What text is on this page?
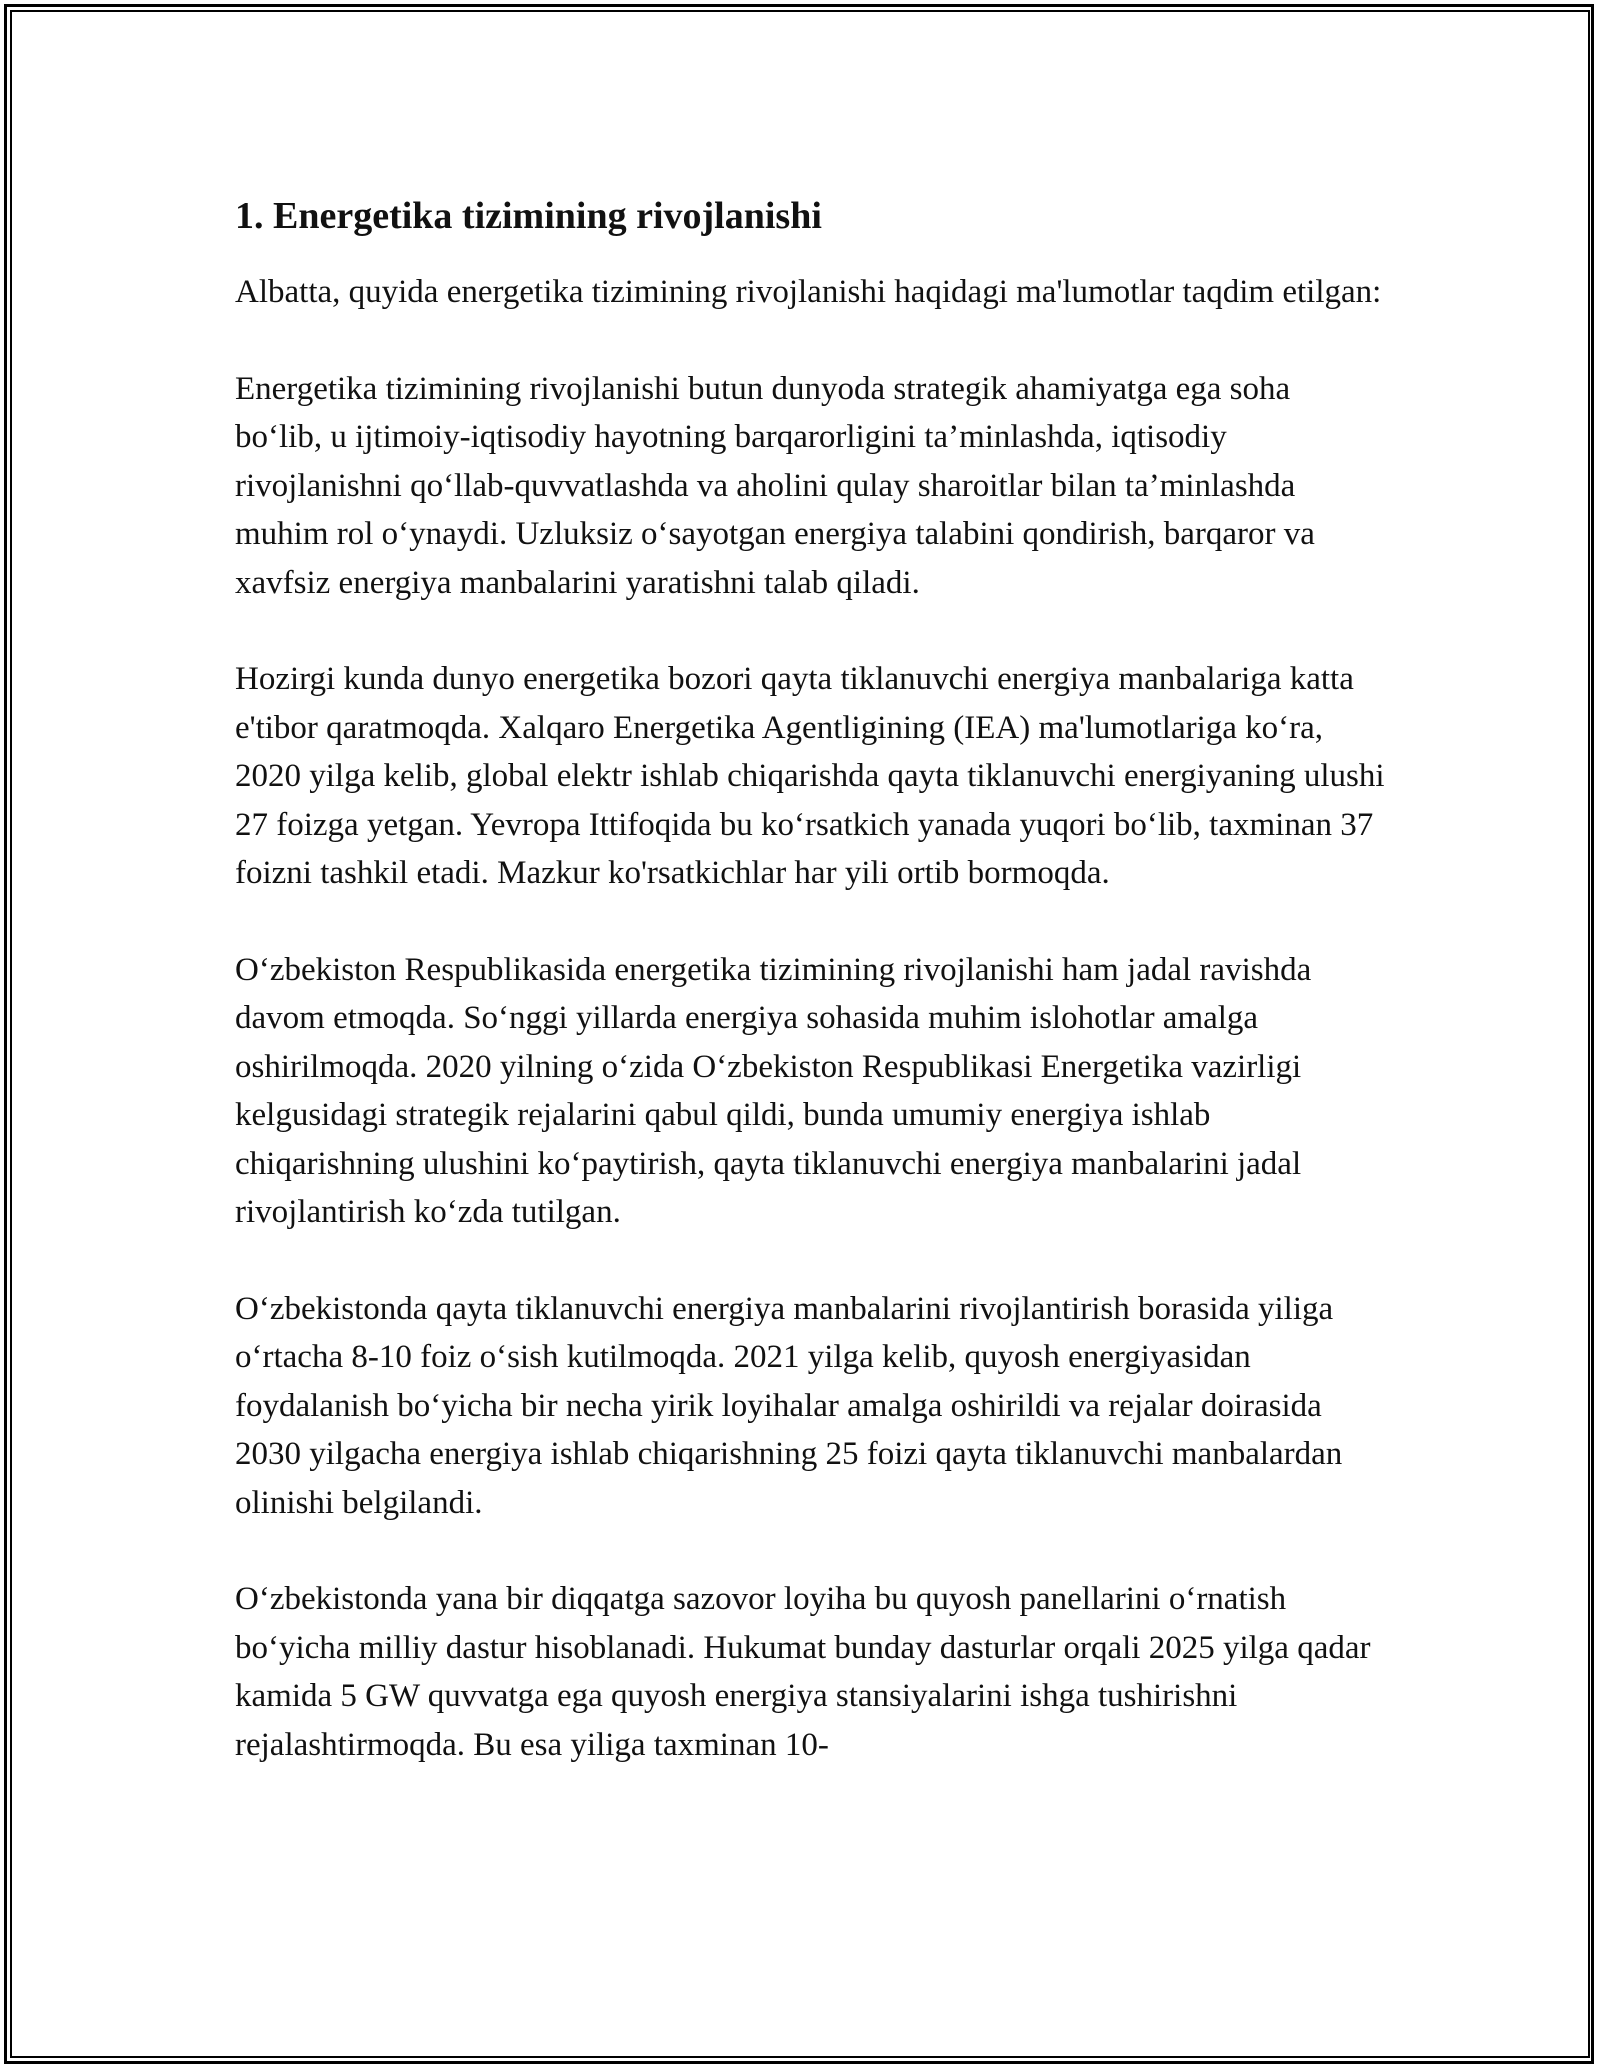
1. Energetika tizimining rivojlanishi

Albatta, quyida energetika tizimining rivojlanishi haqidagi ma'lumotlar taqdim etilgan:

Energetika tizimining rivojlanishi butun dunyoda strategik ahamiyatga ega soha bo‘lib, u ijtimoiy-iqtisodiy hayotning barqarorligini ta’minlashda, iqtisodiy rivojlanishni qo‘llab-quvvatlashda va aholini qulay sharoitlar bilan ta’minlashda muhim rol o‘ynaydi. Uzluksiz o‘sayotgan energiya talabini qondirish, barqaror va xavfsiz energiya manbalarini yaratishni talab qiladi.

Hozirgi kunda dunyo energetika bozori qayta tiklanuvchi energiya manbalariga katta e'tibor qaratmoqda. Xalqaro Energetika Agentligining (IEA) ma'lumotlariga ko‘ra, 2020 yilga kelib, global elektr ishlab chiqarishda qayta tiklanuvchi energiyaning ulushi 27 foizga yetgan. Yevropa Ittifoqida bu ko‘rsatkich yanada yuqori bo‘lib, taxminan 37 foizni tashkil etadi. Mazkur ko'rsatkichlar har yili ortib bormoqda.

O‘zbekiston Respublikasida energetika tizimining rivojlanishi ham jadal ravishda davom etmoqda. So‘nggi yillarda energiya sohasida muhim islohotlar amalga oshirilmoqda. 2020 yilning o‘zida O‘zbekiston Respublikasi Energetika vazirligi kelgusidagi strategik rejalarini qabul qildi, bunda umumiy energiya ishlab chiqarishning ulushini ko‘paytirish, qayta tiklanuvchi energiya manbalarini jadal rivojlantirish ko‘zda tutilgan.

O‘zbekistonda qayta tiklanuvchi energiya manbalarini rivojlantirish borasida yiliga o‘rtacha 8-10 foiz o‘sish kutilmoqda. 2021 yilga kelib, quyosh energiyasidan foydalanish bo‘yicha bir necha yirik loyihalar amalga oshirildi va rejalar doirasida 2030 yilgacha energiya ishlab chiqarishning 25 foizi qayta tiklanuvchi manbalardan olinishi belgilandi.

O‘zbekistonda yana bir diqqatga sazovor loyiha bu quyosh panellarini o‘rnatish bo‘yicha milliy dastur hisoblanadi. Hukumat bunday dasturlar orqali 2025 yilga qadar kamida 5 GW quvvatga ega quyosh energiya stansiyalarini ishga tushirishni rejalashtirmoqda. Bu esa yiliga taxminan 10-
